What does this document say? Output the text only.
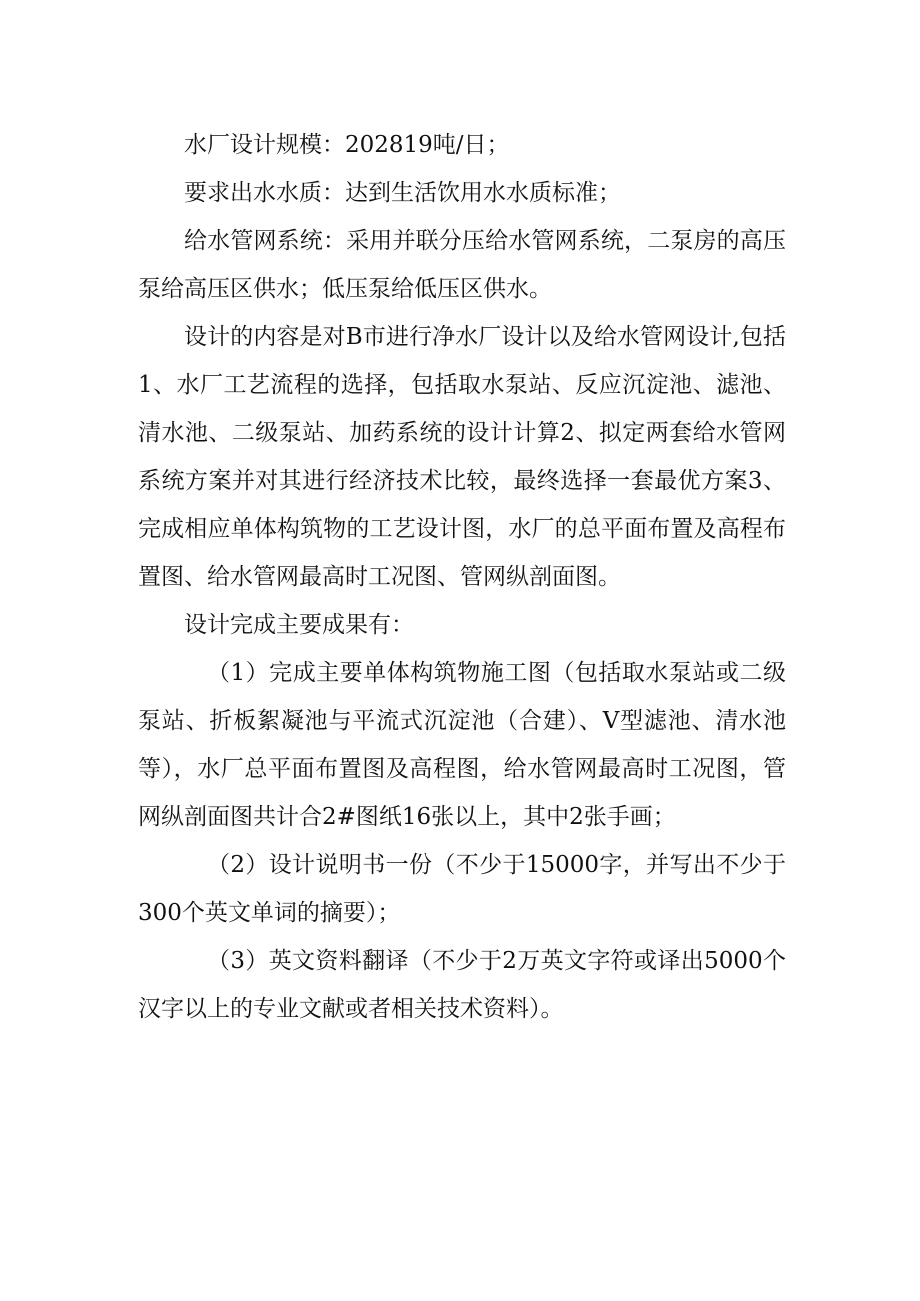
水厂设计规模：202819吨/日；

要求出水水质：达到生活饮用水水质标准；

给水管网系统：采用并联分压给水管网系统，二泵房的高压泵给高压区供水；低压泵给低压区供水。

设计的内容是对B市进行净水厂设计以及给水管网设计,包括1、水厂工艺流程的选择，包括取水泵站、反应沉淀池、滤池、清水池、二级泵站、加药系统的设计计算2、拟定两套给水管网系统方案并对其进行经济技术比较，最终选择一套最优方案3、完成相应单体构筑物的工艺设计图，水厂的总平面布置及高程布置图、给水管网最高时工况图、管网纵剖面图。

设计完成主要成果有：

（1）完成主要单体构筑物施工图（包括取水泵站或二级泵站、折板絮凝池与平流式沉淀池（合建）、V型滤池、清水池等），水厂总平面布置图及高程图，给水管网最高时工况图，管网纵剖面图共计合2#图纸16张以上，其中2张手画；

（2）设计说明书一份（不少于15000字，并写出不少于300个英文单词的摘要）；

（3）英文资料翻译（不少于2万英文字符或译出5000个汉字以上的专业文献或者相关技术资料）。
